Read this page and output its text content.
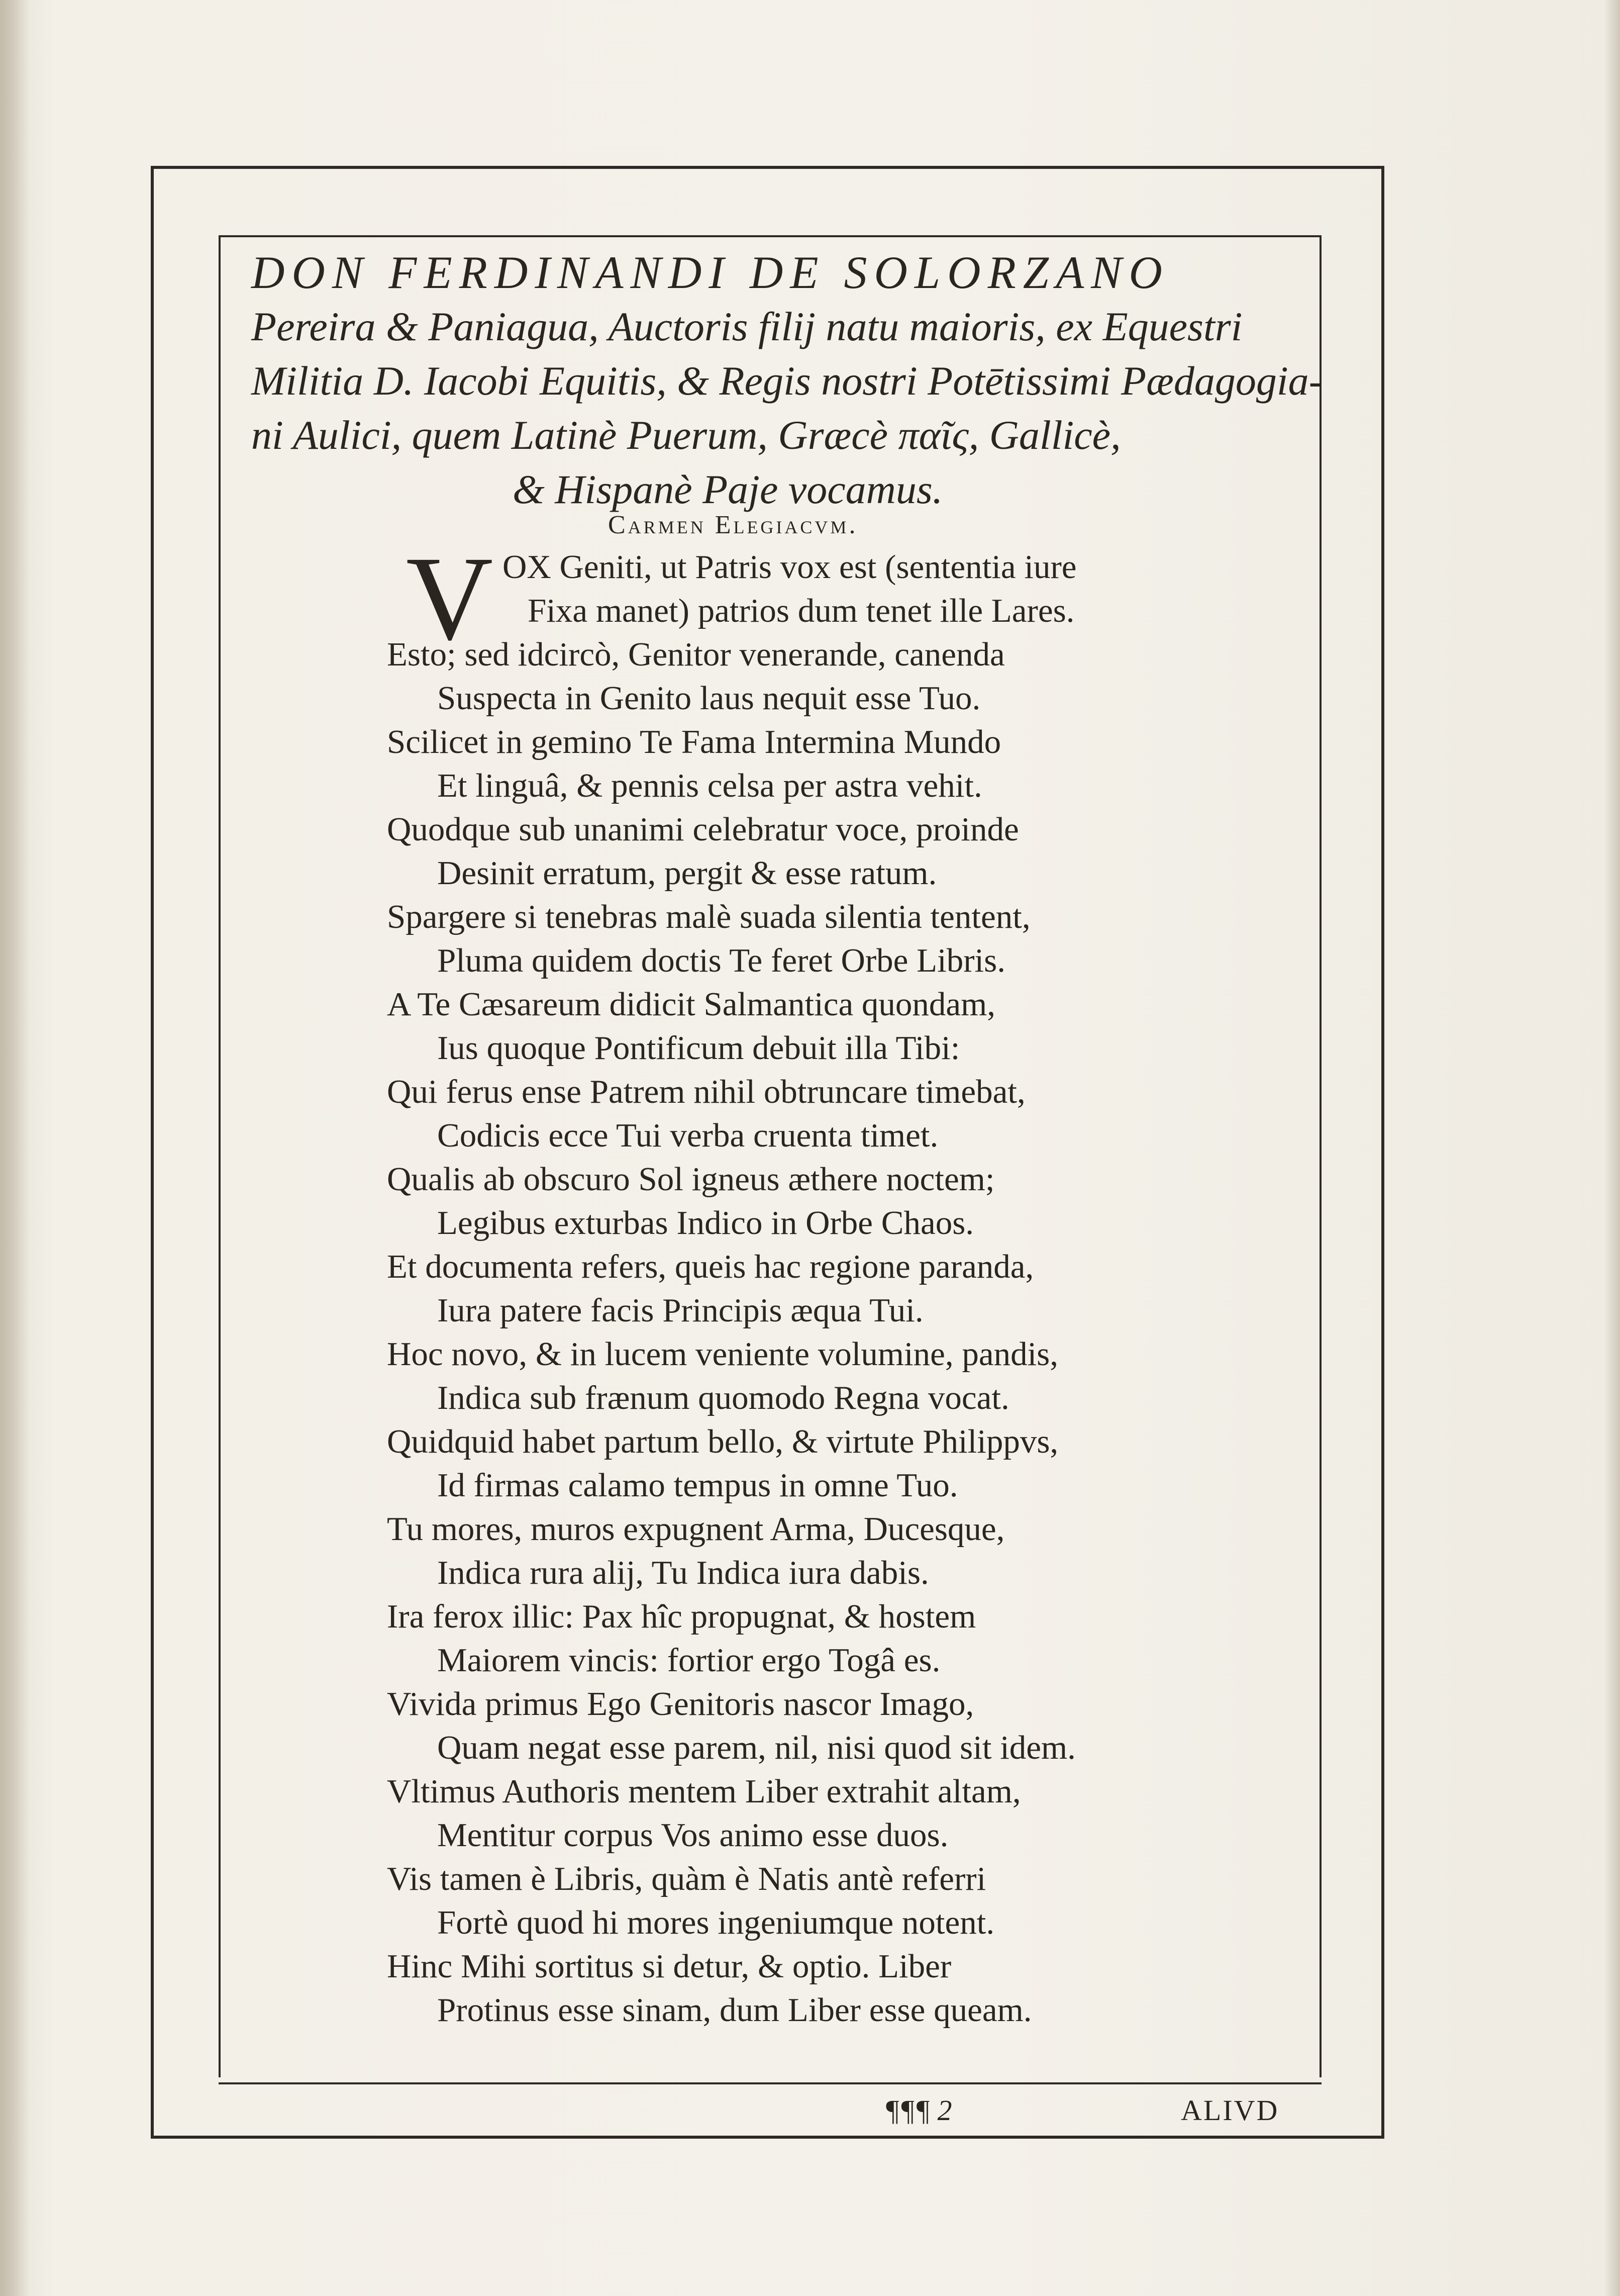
DON FERDINANDI DE SOLORZANO
Pereira & Paniagua, Auctoris filij natu maioris, ex Equestri
Militia D. Iacobi Equitis, & Regis nostri Potētissimi Pædagogia-
ni Aulici, quem Latinè Puerum, Græcè παῖς, Gallicè,
& Hispanè Paje vocamus.
Carmen Elegiacvm.
V OX Geniti, ut Patris vox est (sententia iure
Fixa manet) patrios dum tenet ille Lares.
Esto; sed idcircò, Genitor venerande, canenda
Suspecta in Genito laus nequit esse Tuo.
Scilicet in gemino Te Fama Intermina Mundo
Et linguâ, & pennis celsa per astra vehit.
Quodque sub unanimi celebratur voce, proinde
Desinit erratum, pergit & esse ratum.
Spargere si tenebras malè suada silentia tentent,
Pluma quidem doctis Te feret Orbe Libris.
A Te Cæsareum didicit Salmantica quondam,
Ius quoque Pontificum debuit illa Tibi:
Qui ferus ense Patrem nihil obtruncare timebat,
Codicis ecce Tui verba cruenta timet.
Qualis ab obscuro Sol igneus æthere noctem;
Legibus exturbas Indico in Orbe Chaos.
Et documenta refers, queis hac regione paranda,
Iura patere facis Principis æqua Tui.
Hoc novo, & in lucem veniente volumine, pandis,
Indica sub frænum quomodo Regna vocat.
Quidquid habet partum bello, & virtute Philippvs,
Id firmas calamo tempus in omne Tuo.
Tu mores, muros expugnent Arma, Ducesque,
Indica rura alij, Tu Indica iura dabis.
Ira ferox illic: Pax hîc propugnat, & hostem
Maiorem vincis: fortior ergo Togâ es.
Vivida primus Ego Genitoris nascor Imago,
Quam negat esse parem, nil, nisi quod sit idem.
Vltimus Authoris mentem Liber extrahit altam,
Mentitur corpus Vos animo esse duos.
Vis tamen è Libris, quàm è Natis antè referri
Fortè quod hi mores ingeniumque notent.
Hinc Mihi sortitus si detur, & optio. Liber
Protinus esse sinam, dum Liber esse queam.
¶¶¶ 2	ALIVD
